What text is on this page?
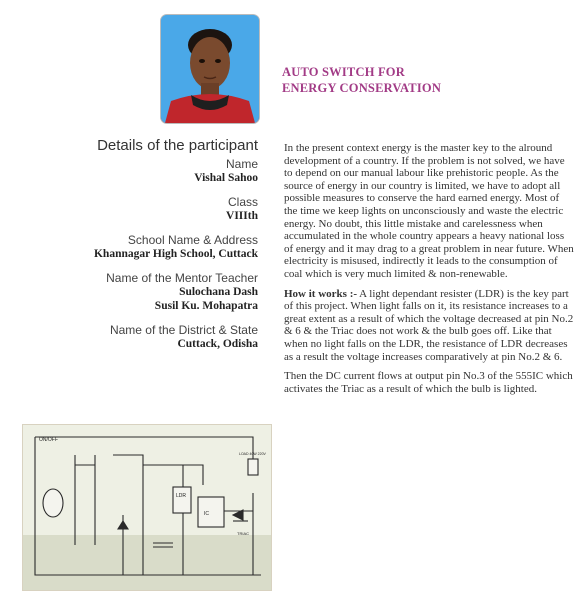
AUTO SWITCH FOR
ENERGY CONSERVATION
Details of the participant
Name
Vishal Sahoo
Class
VIIIth
School Name & Address
Khannagar High School, Cuttack
Name of the Mentor Teacher
Sulochana Dash
Susil Ku. Mohapatra
Name of the District & State
Cuttack, Odisha

In the present context energy is the master key to the alround development of a country. If the problem is not solved, we have to depend on our manual labour like prehistoric people. As the source of energy in our country is limited, we have to adopt all possible measures to conserve the hard earned energy. Most of the time we keep lights on unconsciously and waste the electric energy. No doubt, this little mistake and carelessness when accumulated in the whole country appears a heavy national loss of energy and it may drag to a great problem in near future. When electricity is misused, indirectly it leads to the consumption of coal which is very much limited & non-renewable.

How it works :- A light dependant resister (LDR) is the key part of this project. When light falls on it, its resistance increases to a great extent as a result of which the voltage decreased at pin No.2 & 6 & the Triac does not work & the bulb goes off. Like that when no light falls on the LDR, the resistance of LDR decreases as a result the voltage increases comparatively at pin No.2 & 6.

Then the DC current flows at output pin No.3 of the 555IC which activates the Triac as a result of which the bulb is lighted.

ON/OFF
LDR
IC
TRIAC
LOAD 40W 220V
